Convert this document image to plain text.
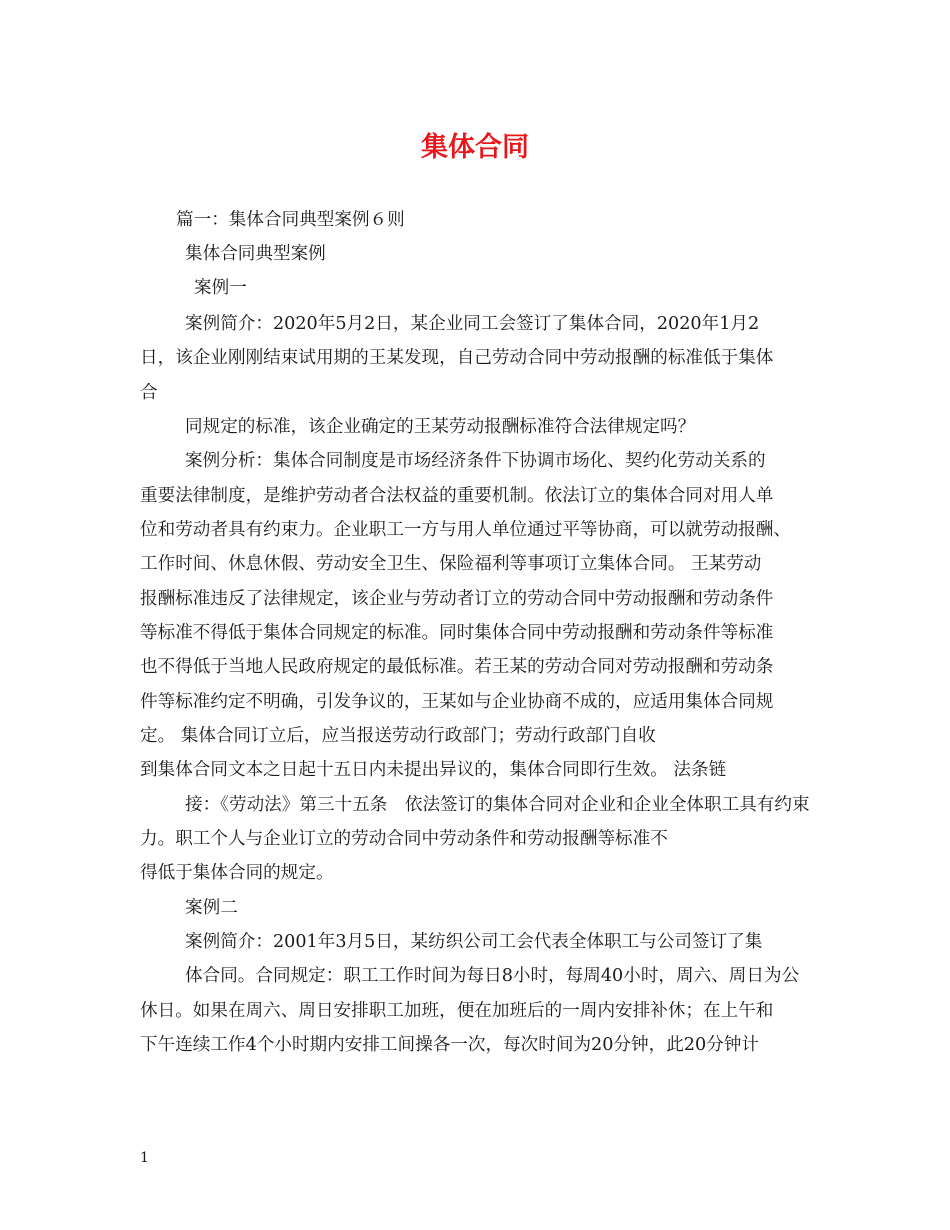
集体合同

篇一：集体合同典型案例６则

集体合同典型案例

案例一

案例简介：2020年5月2日，某企业同工会签订了集体合同，2020年1月2

日，该企业刚刚结束试用期的王某发现，自己劳动合同中劳动报酬的标准低于集体

合

同规定的标准，该企业确定的王某劳动报酬标准符合法律规定吗？

案例分析：集体合同制度是市场经济条件下协调市场化、契约化劳动关系的

重要法律制度，是维护劳动者合法权益的重要机制。依法订立的集体合同对用人单

位和劳动者具有约束力。企业职工一方与用人单位通过平等协商，可以就劳动报酬、

工作时间、休息休假、劳动安全卫生、保险福利等事项订立集体合同。 王某劳动

报酬标准违反了法律规定，该企业与劳动者订立的劳动合同中劳动报酬和劳动条件

等标准不得低于集体合同规定的标准。同时集体合同中劳动报酬和劳动条件等标准

也不得低于当地人民政府规定的最低标准。若王某的劳动合同对劳动报酬和劳动条

件等标准约定不明确，引发争议的，王某如与企业协商不成的，应适用集体合同规

定。 集体合同订立后，应当报送劳动行政部门；劳动行政部门自收

到集体合同文本之日起十五日内未提出异议的，集体合同即行生效。 法条链

接：《劳动法》第三十五条　依法签订的集体合同对企业和企业全体职工具有约束

力。职工个人与企业订立的劳动合同中劳动条件和劳动报酬等标准不

得低于集体合同的规定。

案例二

案例简介：2001年3月5日，某纺织公司工会代表全体职工与公司签订了集

体合同。合同规定：职工工作时间为每日8小时，每周40小时，周六、周日为公

休日。如果在周六、周日安排职工加班，便在加班后的一周内安排补休；在上午和

下午连续工作4个小时期内安排工间操各一次，每次时间为20分钟，此20分钟计

1
